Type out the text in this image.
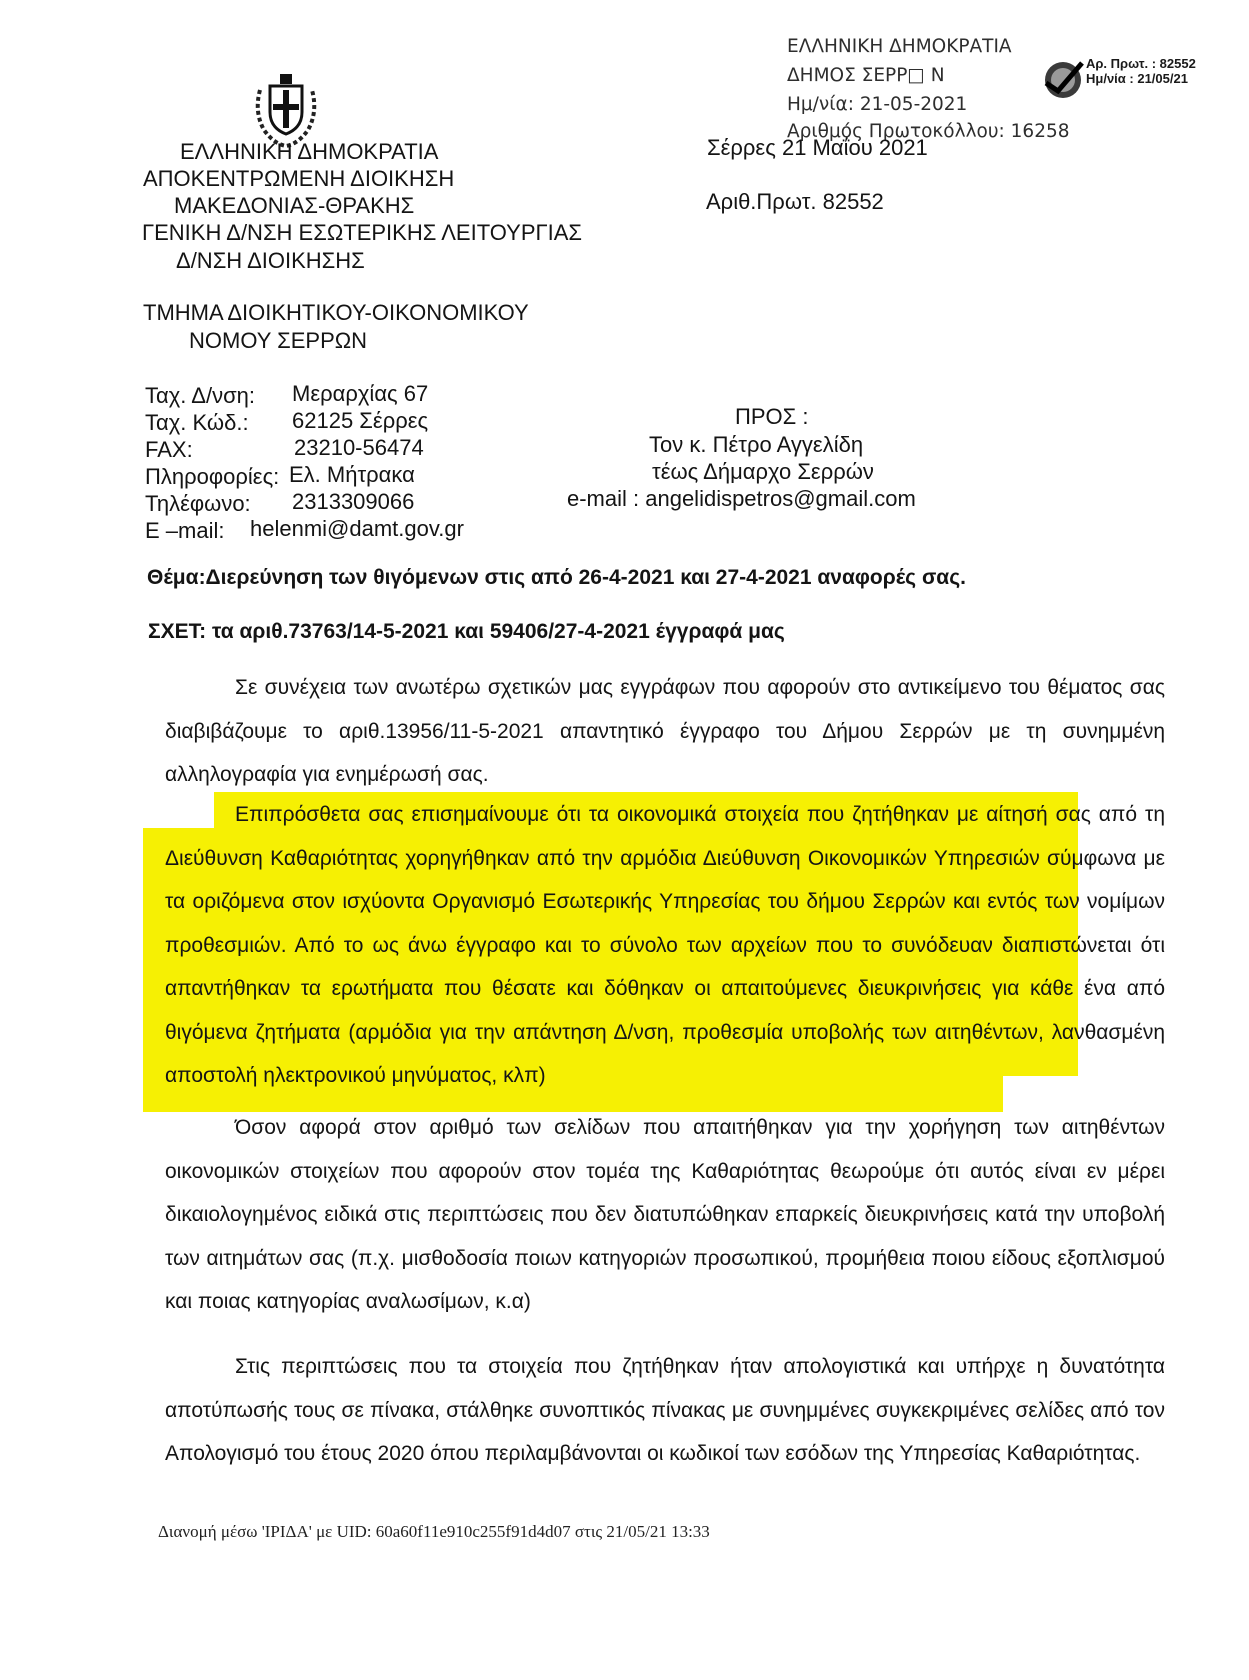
ΕΛΛΗΝΙΚΗ ΔΗΜΟΚΡΑΤΙΑ
ΔΗΜΟΣ ΣΕΡΡ□ Ν
Ημ/νία: 21-05-2021
Αριθμός Πρωτοκόλλου: 16258
Αρ. Πρωτ. : 82552
Ημ/νία : 21/05/21
ΕΛΛΗΝΙΚΗ ΔΗΜΟΚΡΑΤΙΑ
ΑΠΟΚΕΝΤΡΩΜΕΝΗ ΔΙΟΙΚΗΣΗ
ΜΑΚΕΔΟΝΙΑΣ-ΘΡΑΚΗΣ
ΓΕΝΙΚΗ Δ/ΝΣΗ ΕΣΩΤΕΡΙΚΗΣ ΛΕΙΤΟΥΡΓΙΑΣ
Δ/ΝΣΗ ΔΙΟΙΚΗΣΗΣ
ΤΜΗΜΑ ΔΙΟΙΚΗΤΙΚΟΥ-ΟΙΚΟΝΟΜΙΚΟΥ
ΝΟΜΟΥ ΣΕΡΡΩΝ
Σέρρες 21 Μαΐου 2021
Αριθ.Πρωτ. 82552
Ταχ. Δ/νση: Μεραρχίας 67
Ταχ. Κώδ.: 62125 Σέρρες
FAX:	23210-56474
Πληροφορίες: Ελ. Μήτρακα
Τηλέφωνο: 2313309066
E –mail: helenmi@damt.gov.gr
ΠΡΟΣ :
Τον κ. Πέτρο Αγγελίδη
τέως Δήμαρχο Σερρών
e-mail : angelidispetros@gmail.com
Θέμα:Διερεύνηση των θιγόμενων στις από 26-4-2021 και 27-4-2021 αναφορές σας.
ΣΧΕΤ: τα αριθ.73763/14-5-2021 και 59406/27-4-2021 έγγραφά μας
Σε συνέχεια των ανωτέρω σχετικών μας εγγράφων που αφορούν στο αντικείμενο του θέματος σας διαβιβάζουμε το αριθ.13956/11-5-2021 απαντητικό έγγραφο του Δήμου Σερρών με τη συνημμένη αλληλογραφία για ενημέρωσή σας.
Επιπρόσθετα σας επισημαίνουμε ότι τα οικονομικά στοιχεία που ζητήθηκαν με αίτησή σας από τη Διεύθυνση Καθαριότητας χορηγήθηκαν από την αρμόδια Διεύθυνση Οικονομικών Υπηρεσιών σύμφωνα με τα οριζόμενα στον ισχύοντα Οργανισμό Εσωτερικής Υπηρεσίας του δήμου Σερρών και εντός των νομίμων προθεσμιών. Από το ως άνω έγγραφο και το σύνολο των αρχείων που το συνόδευαν διαπιστώνεται ότι απαντήθηκαν τα ερωτήματα που θέσατε και δόθηκαν οι απαιτούμενες διευκρινήσεις για κάθε ένα από θιγόμενα ζητήματα (αρμόδια για την απάντηση Δ/νση, προθεσμία υποβολής των αιτηθέντων, λανθασμένη αποστολή ηλεκτρονικού μηνύματος, κλπ)
Όσον αφορά στον αριθμό των σελίδων που απαιτήθηκαν για την χορήγηση των αιτηθέντων οικονομικών στοιχείων που αφορούν στον τομέα της Καθαριότητας θεωρούμε ότι αυτός είναι εν μέρει δικαιολογημένος ειδικά στις περιπτώσεις που δεν διατυπώθηκαν επαρκείς διευκρινήσεις κατά την υποβολή των αιτημάτων σας (π.χ. μισθοδοσία ποιων κατηγοριών προσωπικού, προμήθεια ποιου είδους εξοπλισμού και ποιας κατηγορίας αναλωσίμων, κ.α)
Στις περιπτώσεις που τα στοιχεία που ζητήθηκαν ήταν απολογιστικά και υπήρχε η δυνατότητα αποτύπωσής τους σε πίνακα, στάλθηκε συνοπτικός πίνακας με συνημμένες συγκεκριμένες σελίδες από τον Απολογισμό του έτους 2020 όπου περιλαμβάνονται οι κωδικοί των εσόδων της Υπηρεσίας Καθαριότητας.
Διανομή μέσω 'ΙΡΙΔΑ' με UID: 60a60f11e910c255f91d4d07 στις 21/05/21 13:33
